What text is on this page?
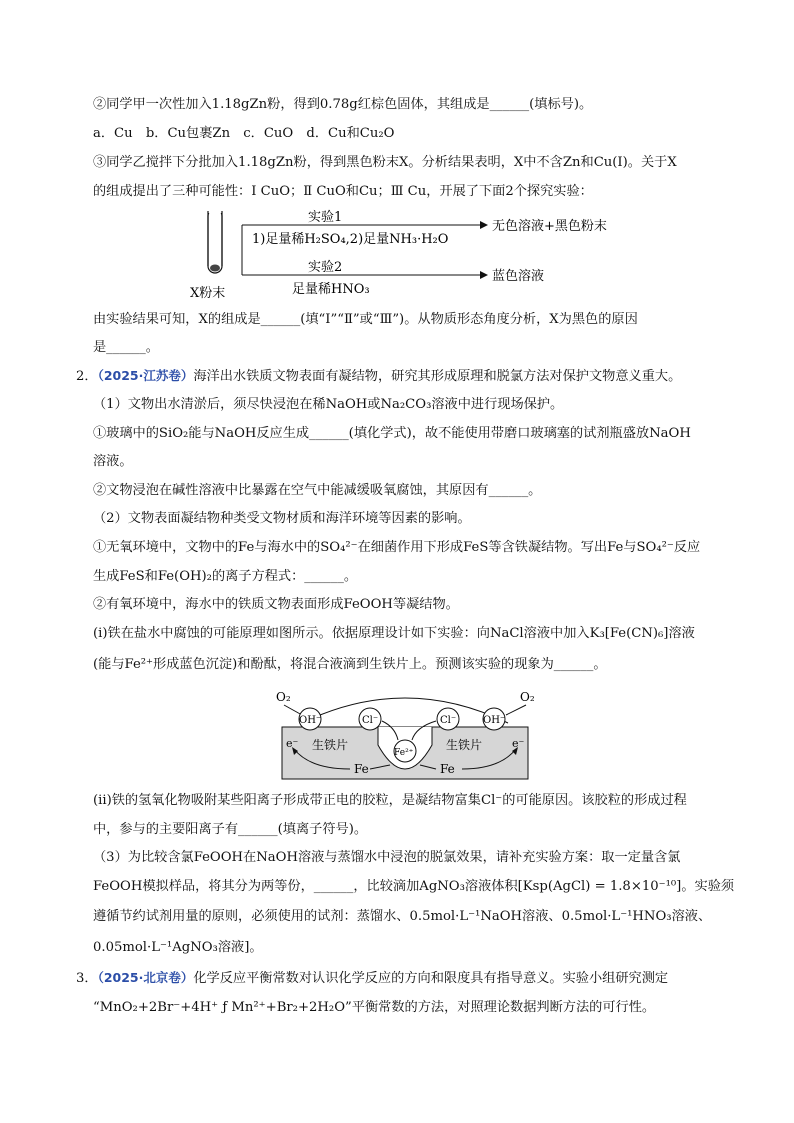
②同学甲一次性加入1.18gZn粉，得到0.78g红棕色固体，其组成是______(填标号)。
a．Cu　b．Cu包裹Zn　c．CuO　d．Cu和Cu₂O
③同学乙搅拌下分批加入1.18gZn粉，得到黑色粉末X。分析结果表明，X中不含Zn和Cu(Ⅰ)。关于X
的组成提出了三种可能性：Ⅰ CuO；Ⅱ CuO和Cu；Ⅲ Cu，开展了下面2个探究实验：
X粉末
实验1
1)足量稀H₂SO₄,2)足量NH₃·H₂O
无色溶液+黑色粉末
实验2
足量稀HNO₃
蓝色溶液
由实验结果可知，X的组成是______(填“Ⅰ”“Ⅱ”或“Ⅲ”)。从物质形态角度分析，X为黑色的原因
是______。
2．（2025·江苏卷）海洋出水铁质文物表面有凝结物，研究其形成原理和脱氯方法对保护文物意义重大。
（1）文物出水清淤后，须尽快浸泡在稀NaOH或Na₂CO₃溶液中进行现场保护。
①玻璃中的SiO₂能与NaOH反应生成______(填化学式)，故不能使用带磨口玻璃塞的试剂瓶盛放NaOH
溶液。
②文物浸泡在碱性溶液中比暴露在空气中能减缓吸氧腐蚀，其原因有______。
（2）文物表面凝结物种类受文物材质和海洋环境等因素的影响。
①无氧环境中，文物中的Fe与海水中的SO₄²⁻在细菌作用下形成FeS等含铁凝结物。写出Fe与SO₄²⁻反应
生成FeS和Fe(OH)₂的离子方程式：______。
②有氧环境中，海水中的铁质文物表面形成FeOOH等凝结物。
(i)铁在盐水中腐蚀的可能原理如图所示。依据原理设计如下实验：向NaCl溶液中加入K₃[Fe(CN)₆]溶液
(能与Fe²⁺形成蓝色沉淀)和酚酞，将混合液滴到生铁片上。预测该实验的现象为______。
O₂	O₂
OH⁻	Cl⁻	Cl⁻	OH⁻
Fe²⁺
生铁片	生铁片
Fe	Fe
e⁻	e⁻
(ii)铁的氢氧化物吸附某些阳离子形成带正电的胶粒，是凝结物富集Cl⁻的可能原因。该胶粒的形成过程
中，参与的主要阳离子有______(填离子符号)。
（3）为比较含氯FeOOH在NaOH溶液与蒸馏水中浸泡的脱氯效果，请补充实验方案：取一定量含氯
FeOOH模拟样品，将其分为两等份，______，比较滴加AgNO₃溶液体积[Ksp(AgCl) = 1.8×10⁻¹⁰]。实验须
遵循节约试剂用量的原则，必须使用的试剂：蒸馏水、0.5mol·L⁻¹NaOH溶液、0.5mol·L⁻¹HNO₃溶液、
0.05mol·L⁻¹AgNO₃溶液]。
3．（2025·北京卷）化学反应平衡常数对认识化学反应的方向和限度具有指导意义。实验小组研究测定
“MnO₂+2Br⁻+4H⁺ ƒ Mn²⁺+Br₂+2H₂O”平衡常数的方法，对照理论数据判断方法的可行性。
